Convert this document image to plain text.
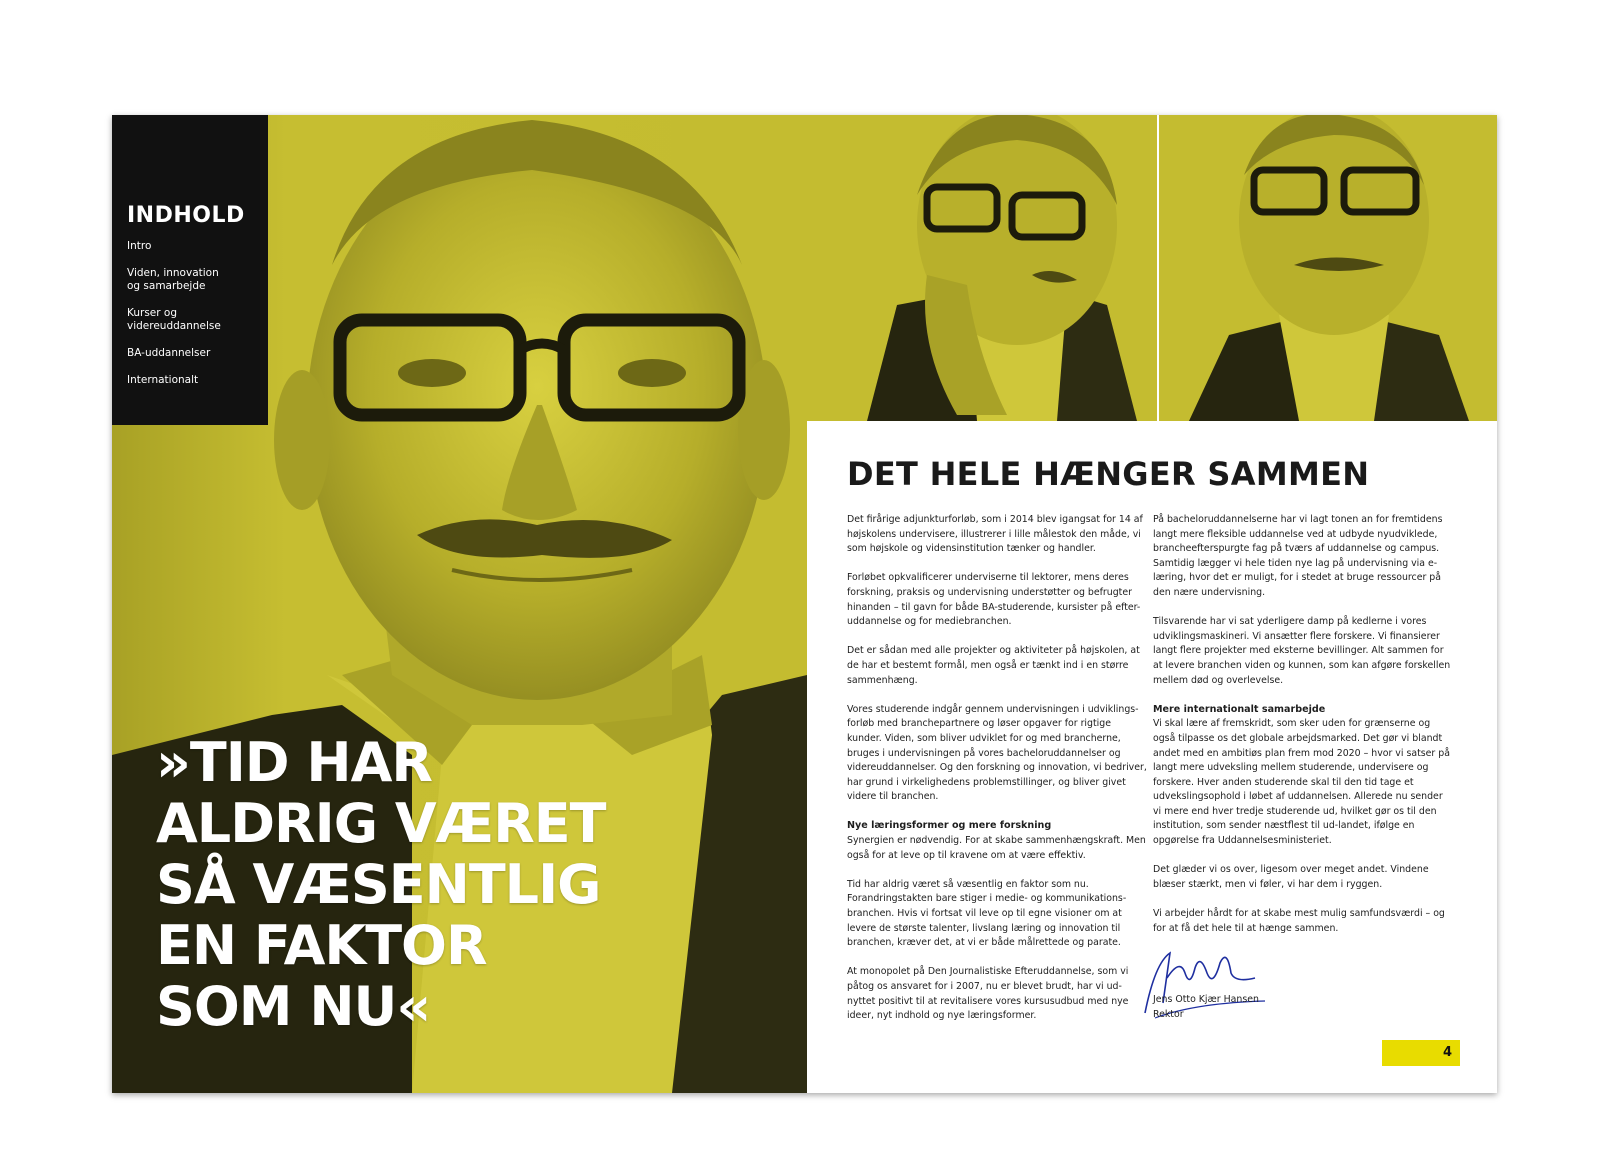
INDHOLD
Intro
Viden, innovation
og samarbejde
Kurser og
videreuddannelse
BA-uddannelser
Internationalt

»TID HAR
ALDRIG VÆRET
SÅ VÆSENTLIG
EN FAKTOR
SOM NU«

DET HELE HÆNGER SAMMEN

Det firårige adjunkturforløb, som i 2014 blev igangsat for 14 af højskolens undervisere, illustrerer i lille målestok den måde, vi som højskole og vidensinstitution tænker og handler.

Forløbet opkvalificerer underviserne til lektorer, mens deres forskning, praksis og undervisning understøtter og befrugter hinanden – til gavn for både BA-studerende, kursister på efter-uddannelse og for mediebranchen.

Det er sådan med alle projekter og aktiviteter på højskolen, at de har et bestemt formål, men også er tænkt ind i en større sammenhæng.

Vores studerende indgår gennem undervisningen i udviklings-forløb med branchepartnere og løser opgaver for rigtige kunder. Viden, som bliver udviklet for og med brancherne, bruges i undervisningen på vores bacheloruddannelser og videreuddannelser. Og den forskning og innovation, vi bedriver, har grund i virkelighedens problemstillinger, og bliver givet videre til branchen.

Nye læringsformer og mere forskning

Synergien er nødvendig. For at skabe sammenhængskraft. Men også for at leve op til kravene om at være effektiv.

Tid har aldrig været så væsentlig en faktor som nu. Forandringstakten bare stiger i medie- og kommunikations-branchen. Hvis vi fortsat vil leve op til egne visioner om at levere de største talenter, livslang læring og innovation til branchen, kræver det, at vi er både målrettede og parate.

At monopolet på Den Journalistiske Efteruddannelse, som vi påtog os ansvaret for i 2007, nu er blevet brudt, har vi ud-nyttet positivt til at revitalisere vores kursusudbud med nye ideer, nyt indhold og nye læringsformer.

På bacheloruddannelserne har vi lagt tonen an for fremtidens langt mere fleksible uddannelse ved at udbyde nyudviklede, brancheefterspurgte fag på tværs af uddannelse og campus. Samtidig lægger vi hele tiden nye lag på undervisning via e-læring, hvor det er muligt, for i stedet at bruge ressourcer på den nære undervisning.

Tilsvarende har vi sat yderligere damp på kedlerne i vores udviklingsmaskineri. Vi ansætter flere forskere. Vi finansierer langt flere projekter med eksterne bevillinger. Alt sammen for at levere branchen viden og kunnen, som kan afgøre forskellen mellem død og overlevelse.

Mere internationalt samarbejde

Vi skal lære af fremskridt, som sker uden for grænserne og også tilpasse os det globale arbejdsmarked. Det gør vi blandt andet med en ambitiøs plan frem mod 2020 – hvor vi satser på langt mere udveksling mellem studerende, undervisere og forskere. Hver anden studerende skal til den tid tage et udvekslingsophold i løbet af uddannelsen. Allerede nu sender vi mere end hver tredje studerende ud, hvilket gør os til den institution, som sender næstflest til ud-landet, ifølge en opgørelse fra Uddannelsesministeriet.

Det glæder vi os over, ligesom over meget andet. Vindene blæser stærkt, men vi føler, vi har dem i ryggen.

Vi arbejder hårdt for at skabe mest mulig samfundsværdi – og for at få det hele til at hænge sammen.

Jens Otto Kjær Hansen
Rektor
4
